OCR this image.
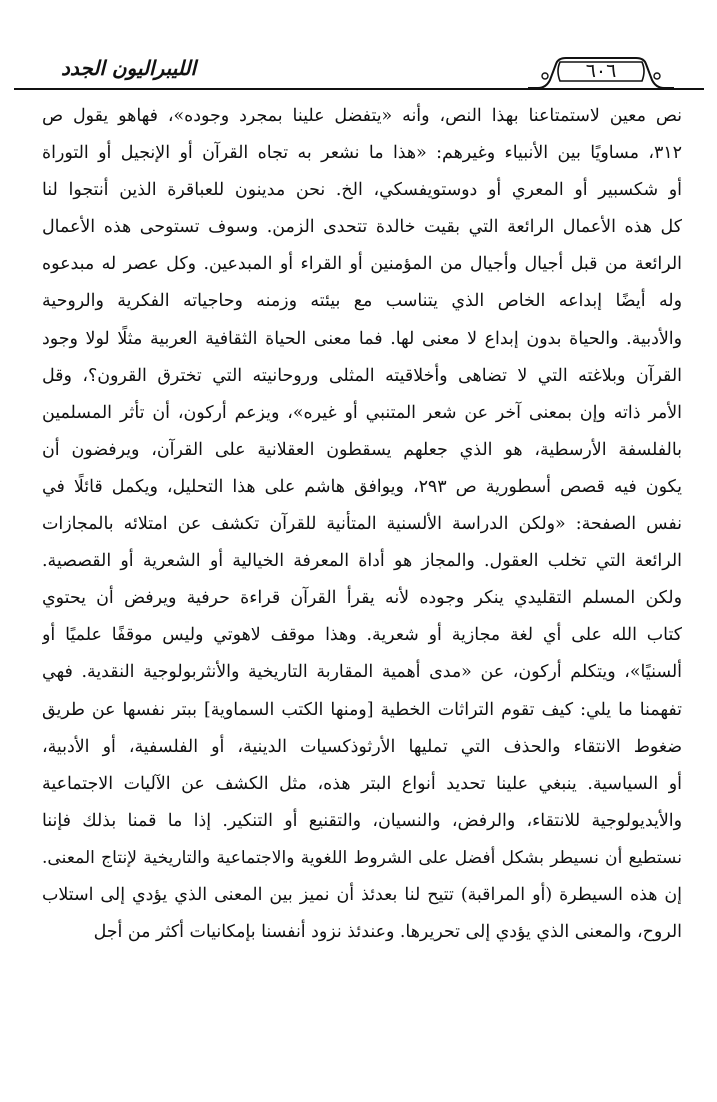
الليبراليون الجدد	٦٠٦
نص معين لاستمتاعنا بهذا النص، وأنه «يتفضل علينا بمجرد وجوده»، فهاهو يقول ص
٣١٢، مساويًا بين الأنبياء وغيرهم: «هذا ما نشعر به تجاه القرآن أو الإنجيل أو التوراة
أو شكسبير أو المعري أو دوستويفسكي، الخ. نحن مدينون للعباقرة الذين أنتجوا لنا
كل هذه الأعمال الرائعة التي بقيت خالدة تتحدى الزمن. وسوف تستوحى هذه الأعمال
الرائعة من قبل أجيال وأجيال من المؤمنين أو القراء أو المبدعين. وكل عصر له مبدعوه
وله أيضًا إبداعه الخاص الذي يتناسب مع بيئته وزمنه وحاجياته الفكرية والروحية
والأدبية. والحياة بدون إبداع لا معنى لها. فما معنى الحياة الثقافية العربية مثلًا لولا وجود
القرآن وبلاغته التي لا تضاهى وأخلاقيته المثلى وروحانيته التي تخترق القرون؟، وقل
الأمر ذاته وإن بمعنى آخر عن شعر المتنبي أو غيره»، ويزعم أركون، أن تأثر المسلمين
بالفلسفة الأرسطية، هو الذي جعلهم يسقطون العقلانية على القرآن، ويرفضون أن
يكون فيه قصص أسطورية ص ٢٩٣، ويوافق هاشم على هذا التحليل، ويكمل قائلًا في
نفس الصفحة: «ولكن الدراسة الألسنية المتأنية للقرآن تكشف عن امتلائه بالمجازات
الرائعة التي تخلب العقول. والمجاز هو أداة المعرفة الخيالية أو الشعرية أو القصصية.
ولكن المسلم التقليدي ينكر وجوده لأنه يقرأ القرآن قراءة حرفية ويرفض أن يحتوي
كتاب الله على أي لغة مجازية أو شعرية. وهذا موقف لاهوتي وليس موقفًا علميًا أو
ألسنيًا»، ويتكلم أركون، عن «مدى أهمية المقاربة التاريخية والأنثربولوجية النقدية. فهي
تفهمنا ما يلي: كيف تقوم التراثات الخطية [ومنها الكتب السماوية] ببتر نفسها عن طريق
ضغوط الانتقاء والحذف التي تمليها الأرثوذكسيات الدينية، أو الفلسفية، أو الأدبية،
أو السياسية. ينبغي علينا تحديد أنواع البتر هذه، مثل الكشف عن الآليات الاجتماعية
والأيديولوجية للانتقاء، والرفض، والنسيان، والتقنيع أو التنكير. إذا ما قمنا بذلك فإننا
نستطيع أن نسيطر بشكل أفضل على الشروط اللغوية والاجتماعية والتاريخية لإنتاج المعنى.
إن هذه السيطرة (أو المراقبة) تتيح لنا بعدئذ أن نميز بين المعنى الذي يؤدي إلى استلاب
الروح، والمعنى الذي يؤدي إلى تحريرها. وعندئذ نزود أنفسنا بإمكانيات أكثر من أجل
